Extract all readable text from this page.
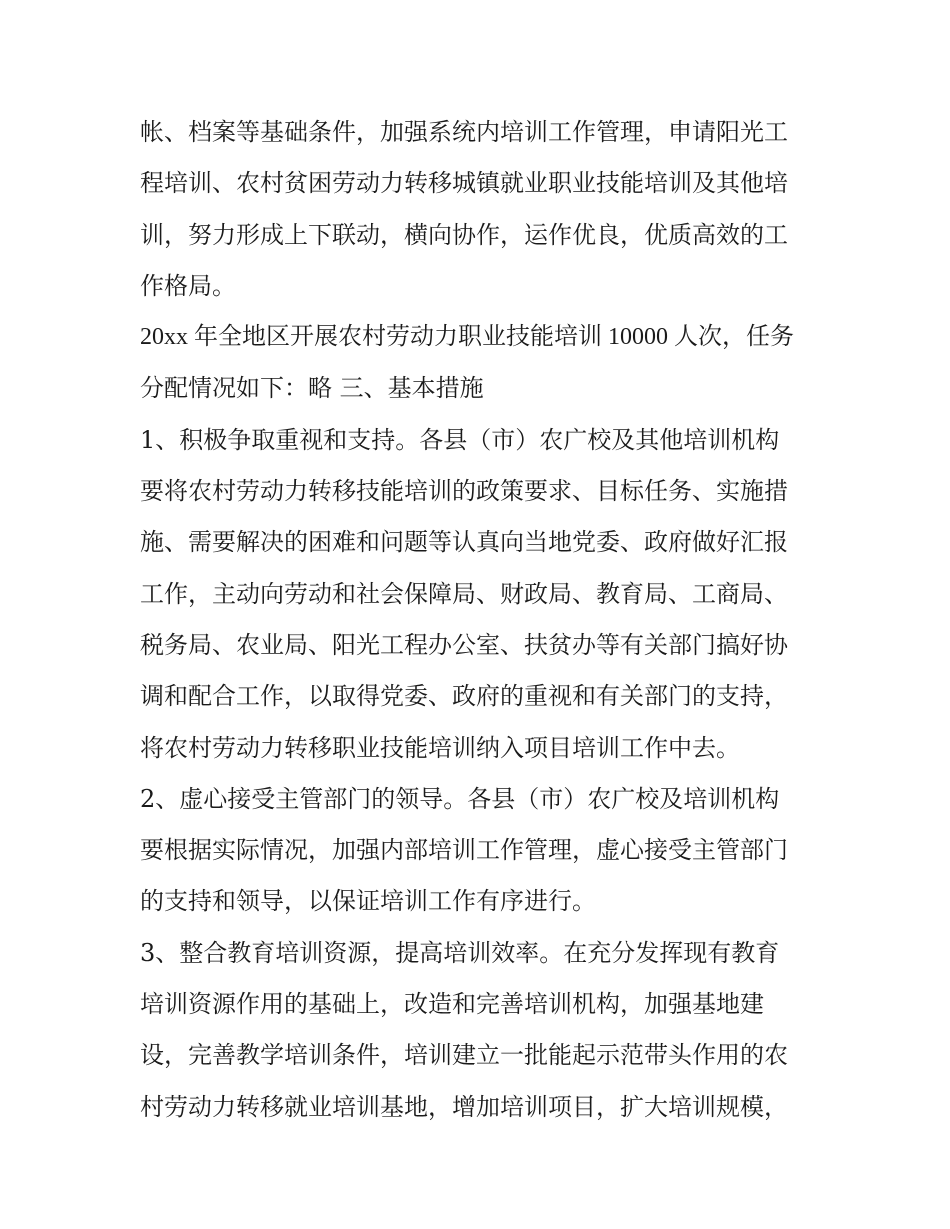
帐、档案等基础条件，加强系统内培训工作管理，申请阳光工
程培训、农村贫困劳动力转移城镇就业职业技能培训及其他培
训，努力形成上下联动，横向协作，运作优良，优质高效的工
作格局。
20xx 年全地区开展农村劳动力职业技能培训 10000 人次，任务
分配情况如下：略 三、基本措施
1、积极争取重视和支持。各县（市）农广校及其他培训机构
要将农村劳动力转移技能培训的政策要求、目标任务、实施措
施、需要解决的困难和问题等认真向当地党委、政府做好汇报
工作，主动向劳动和社会保障局、财政局、教育局、工商局、
税务局、农业局、阳光工程办公室、扶贫办等有关部门搞好协
调和配合工作，以取得党委、政府的重视和有关部门的支持，
将农村劳动力转移职业技能培训纳入项目培训工作中去。
2、虚心接受主管部门的领导。各县（市）农广校及培训机构
要根据实际情况，加强内部培训工作管理，虚心接受主管部门
的支持和领导，以保证培训工作有序进行。
3、整合教育培训资源，提高培训效率。在充分发挥现有教育
培训资源作用的基础上，改造和完善培训机构，加强基地建
设，完善教学培训条件，培训建立一批能起示范带头作用的农
村劳动力转移就业培训基地，增加培训项目，扩大培训规模，
